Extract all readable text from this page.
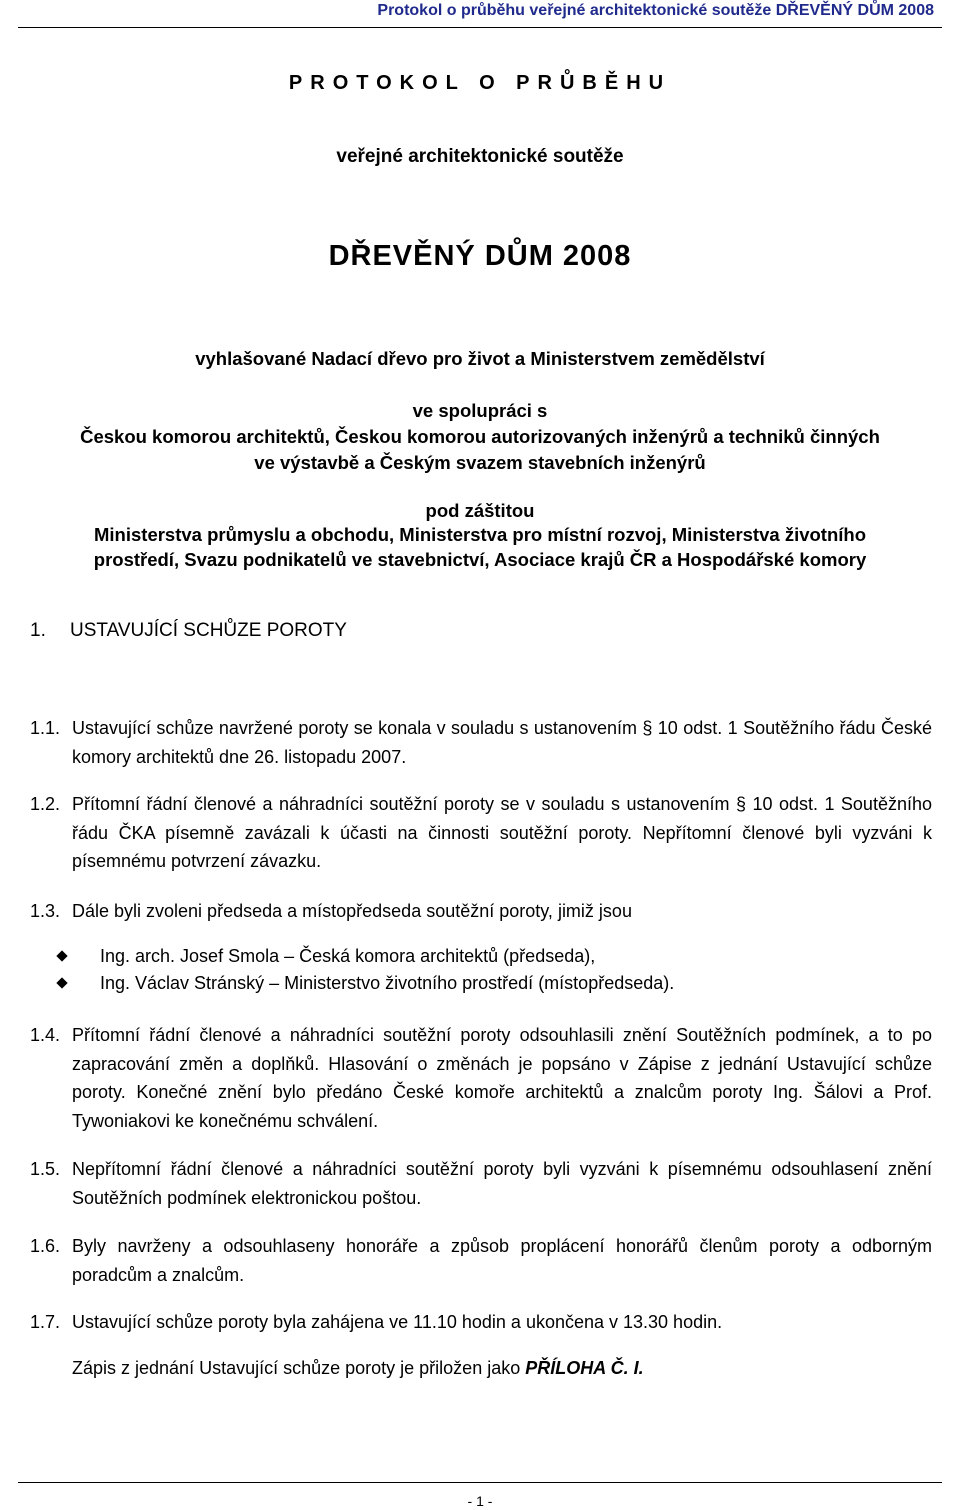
Protokol o průběhu veřejné architektonické soutěže DŘEVĚNÝ DŮM 2008
PROTOKOL O PRŮBĚHU
veřejné architektonické soutěže
DŘEVĚNÝ DŮM 2008
vyhlašované Nadací dřevo pro život a Ministerstvem zemědělství
ve spolupráci s
Českou komorou architektů, Českou komorou autorizovaných inženýrů a techniků činných
ve výstavbě a Českým svazem stavebních inženýrů
pod záštitou
Ministerstva průmyslu a obchodu, Ministerstva pro místní rozvoj, Ministerstva životního
prostředí, Svazu podnikatelů ve stavebnictví, Asociace krajů ČR a Hospodářské komory
1. USTAVUJÍCÍ SCHŮZE POROTY
1.1. Ustavující schůze navržené poroty se konala v souladu s ustanovením § 10 odst. 1 Soutěžního řádu České komory architektů dne 26. listopadu 2007.
1.2. Přítomní řádní členové a náhradníci soutěžní poroty se v souladu s ustanovením § 10 odst. 1 Soutěžního řádu ČKA písemně zavázali k účasti na činnosti soutěžní poroty. Nepřítomní členové byli vyzváni k písemnému potvrzení závazku.
1.3. Dále byli zvoleni předseda a místopředseda soutěžní poroty, jimiž jsou
Ing. arch. Josef Smola – Česká komora architektů (předseda),
Ing. Václav Stránský – Ministerstvo životního prostředí (místopředseda).
1.4. Přítomní řádní členové a náhradníci soutěžní poroty odsouhlasili znění Soutěžních podmínek, a to po zapracování změn a doplňků. Hlasování o změnách je popsáno v Zápise z jednání Ustavující schůze poroty. Konečné znění bylo předáno České komoře architektů a znalcům poroty Ing. Šálovi a Prof. Tywoniakovi ke konečnému schválení.
1.5. Nepřítomní řádní členové a náhradníci soutěžní poroty byli vyzváni k písemnému odsouhlasení znění Soutěžních podmínek elektronickou poštou.
1.6. Byly navrženy a odsouhlaseny honoráře a způsob proplácení honorářů členům poroty a odborným poradcům a znalcům.
1.7. Ustavující schůze poroty byla zahájena ve 11.10 hodin a ukončena v 13.30 hodin.
Zápis z jednání Ustavující schůze poroty je přiložen jako PŘÍLOHA Č. I.
- 1 -
